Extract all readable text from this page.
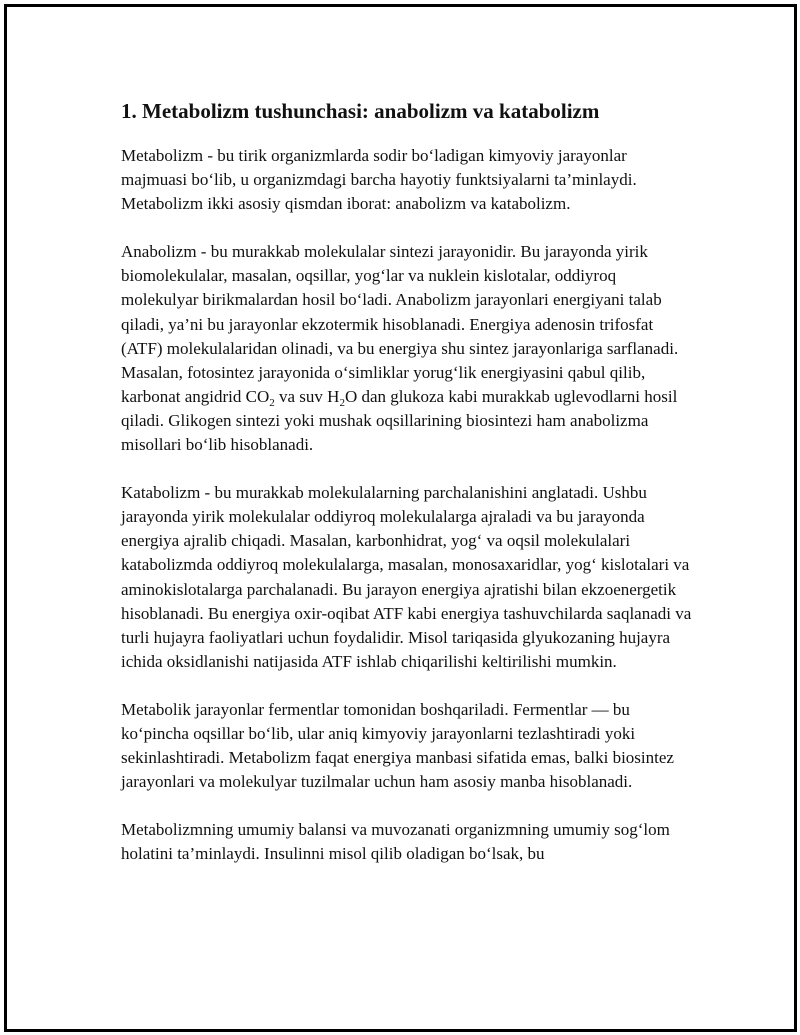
1. Metabolizm tushunchasi: anabolizm va katabolizm

Metabolizm - bu tirik organizmlarda sodir bo‘ladigan kimyoviy jarayonlar majmuasi bo‘lib, u organizmdagi barcha hayotiy funktsiyalarni ta’minlaydi. Metabolizm ikki asosiy qismdan iborat: anabolizm va katabolizm.

Anabolizm - bu murakkab molekulalar sintezi jarayonidir. Bu jarayonda yirik biomolekulalar, masalan, oqsillar, yog‘lar va nuklein kislotalar, oddiyroq molekulyar birikmalardan hosil bo‘ladi. Anabolizm jarayonlari energiyani talab qiladi, ya’ni bu jarayonlar ekzotermik hisoblanadi. Energiya adenosin trifosfat (ATF) molekulalaridan olinadi, va bu energiya shu sintez jarayonlariga sarflanadi. Masalan, fotosintez jarayonida o‘simliklar yorug‘lik energiyasini qabul qilib, karbonat angidrid $CO_2$ va suv $H_2O$ dan glukoza kabi murakkab uglevodlarni hosil qiladi. Glikogen sintezi yoki mushak oqsillarining biosintezi ham anabolizma misollari bo‘lib hisoblanadi.

Katabolizm - bu murakkab molekulalarning parchalanishini anglatadi. Ushbu jarayonda yirik molekulalar oddiyroq molekulalarga ajraladi va bu jarayonda energiya ajralib chiqadi. Masalan, karbonhidrat, yog‘ va oqsil molekulalari katabolizmda oddiyroq molekulalarga, masalan, monosaxaridlar, yog‘ kislotalari va aminokislotalarga parchalanadi. Bu jarayon energiya ajratishi bilan ekzoenergetik hisoblanadi. Bu energiya oxir-oqibat ATF kabi energiya tashuvchilarda saqlanadi va turli hujayra faoliyatlari uchun foydalidir. Misol tariqasida glyukozaning hujayra ichida oksidlanishi natijasida ATF ishlab chiqarilishi keltirilishi mumkin.

Metabolik jarayonlar fermentlar tomonidan boshqariladi. Fermentlar — bu ko‘pincha oqsillar bo‘lib, ular aniq kimyoviy jarayonlarni tezlashtiradi yoki sekinlashtiradi. Metabolizm faqat energiya manbasi sifatida emas, balki biosintez jarayonlari va molekulyar tuzilmalar uchun ham asosiy manba hisoblanadi.

Metabolizmning umumiy balansi va muvozanati organizmning umumiy sog‘lom holatini ta’minlaydi. Insulinni misol qilib oladigan bo‘lsak, bu
